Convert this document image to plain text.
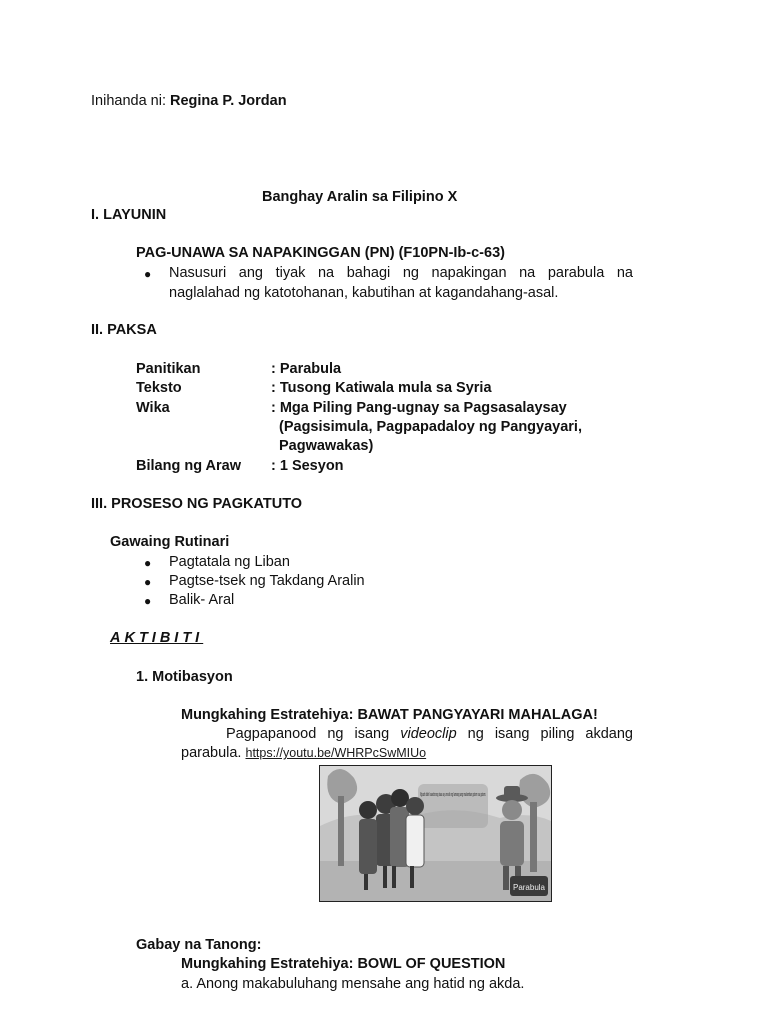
Inihanda ni: Regina P. Jordan
Banghay Aralin sa Filipino X
I. LAYUNIN
PAG-UNAWA SA NAPAKINGGAN (PN) (F10PN-Ib-c-63)
● Nasusuri ang tiyak na bahagi ng napakingan na parabula na
naglalahad ng katotohanan, kabutihan at kagandahang-asal.
II. PAKSA
Panitikan	: Parabula
Teksto	: Tusong Katiwala mula sa Syria
Wika	: Mga Piling Pang-ugnay sa Pagsasalaysay
(Pagsisimula, Pagpapadaloy ng Pangyayari,
Pagwawakas)
Bilang ng Araw : 1 Sesyon
III. PROSESO NG PAGKATUTO
Gawaing Rutinari
● Pagtatala ng Liban
● Pagtse-tsek ng Takdang Aralin
● Balik- Aral
AKTIBITI
1. Motibasyon
Mungkahing Estratehiya: BAWAT PANGYAYARI MAHALAGA!
Pagpapanood ng isang videoclip ng isang piling akdang
parabula. https://youtu.be/WHRPcSwMIUo
Parabula
Nguzit dahil sasobrang taas ay umalis ng lamang ang malamban gutom sa gutom.
Gabay na Tanong:
Mungkahing Estratehiya: BOWL OF QUESTION
a. Anong makabuluhang mensahe ang hatid ng akda.
